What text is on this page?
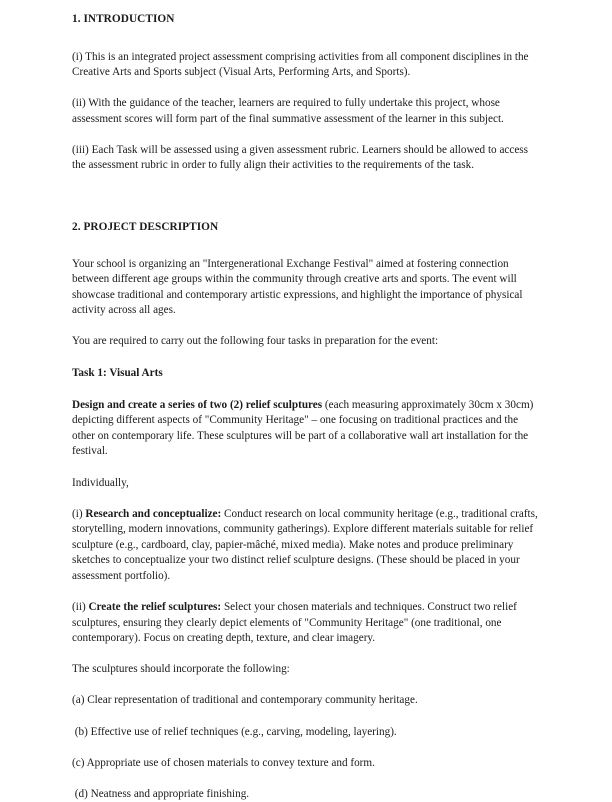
1. INTRODUCTION

(i) This is an integrated project assessment comprising activities from all component disciplines in the Creative Arts and Sports subject (Visual Arts, Performing Arts, and Sports).

(ii) With the guidance of the teacher, learners are required to fully undertake this project, whose assessment scores will form part of the final summative assessment of the learner in this subject.

(iii) Each Task will be assessed using a given assessment rubric. Learners should be allowed to access the assessment rubric in order to fully align their activities to the requirements of the task.

2. PROJECT DESCRIPTION

Your school is organizing an "Intergenerational Exchange Festival" aimed at fostering connection between different age groups within the community through creative arts and sports. The event will showcase traditional and contemporary artistic expressions, and highlight the importance of physical activity across all ages.

You are required to carry out the following four tasks in preparation for the event:

Task 1: Visual Arts

Design and create a series of two (2) relief sculptures (each measuring approximately 30cm x 30cm) depicting different aspects of "Community Heritage" – one focusing on traditional practices and the other on contemporary life. These sculptures will be part of a collaborative wall art installation for the festival.

Individually,

(i) Research and conceptualize: Conduct research on local community heritage (e.g., traditional crafts, storytelling, modern innovations, community gatherings). Explore different materials suitable for relief sculpture (e.g., cardboard, clay, papier-mâché, mixed media). Make notes and produce preliminary sketches to conceptualize your two distinct relief sculpture designs. (These should be placed in your assessment portfolio).

(ii) Create the relief sculptures: Select your chosen materials and techniques. Construct two relief sculptures, ensuring they clearly depict elements of "Community Heritage" (one traditional, one contemporary). Focus on creating depth, texture, and clear imagery.

The sculptures should incorporate the following:

(a) Clear representation of traditional and contemporary community heritage.

(b) Effective use of relief techniques (e.g., carving, modeling, layering).

(c) Appropriate use of chosen materials to convey texture and form.

(d) Neatness and appropriate finishing.
